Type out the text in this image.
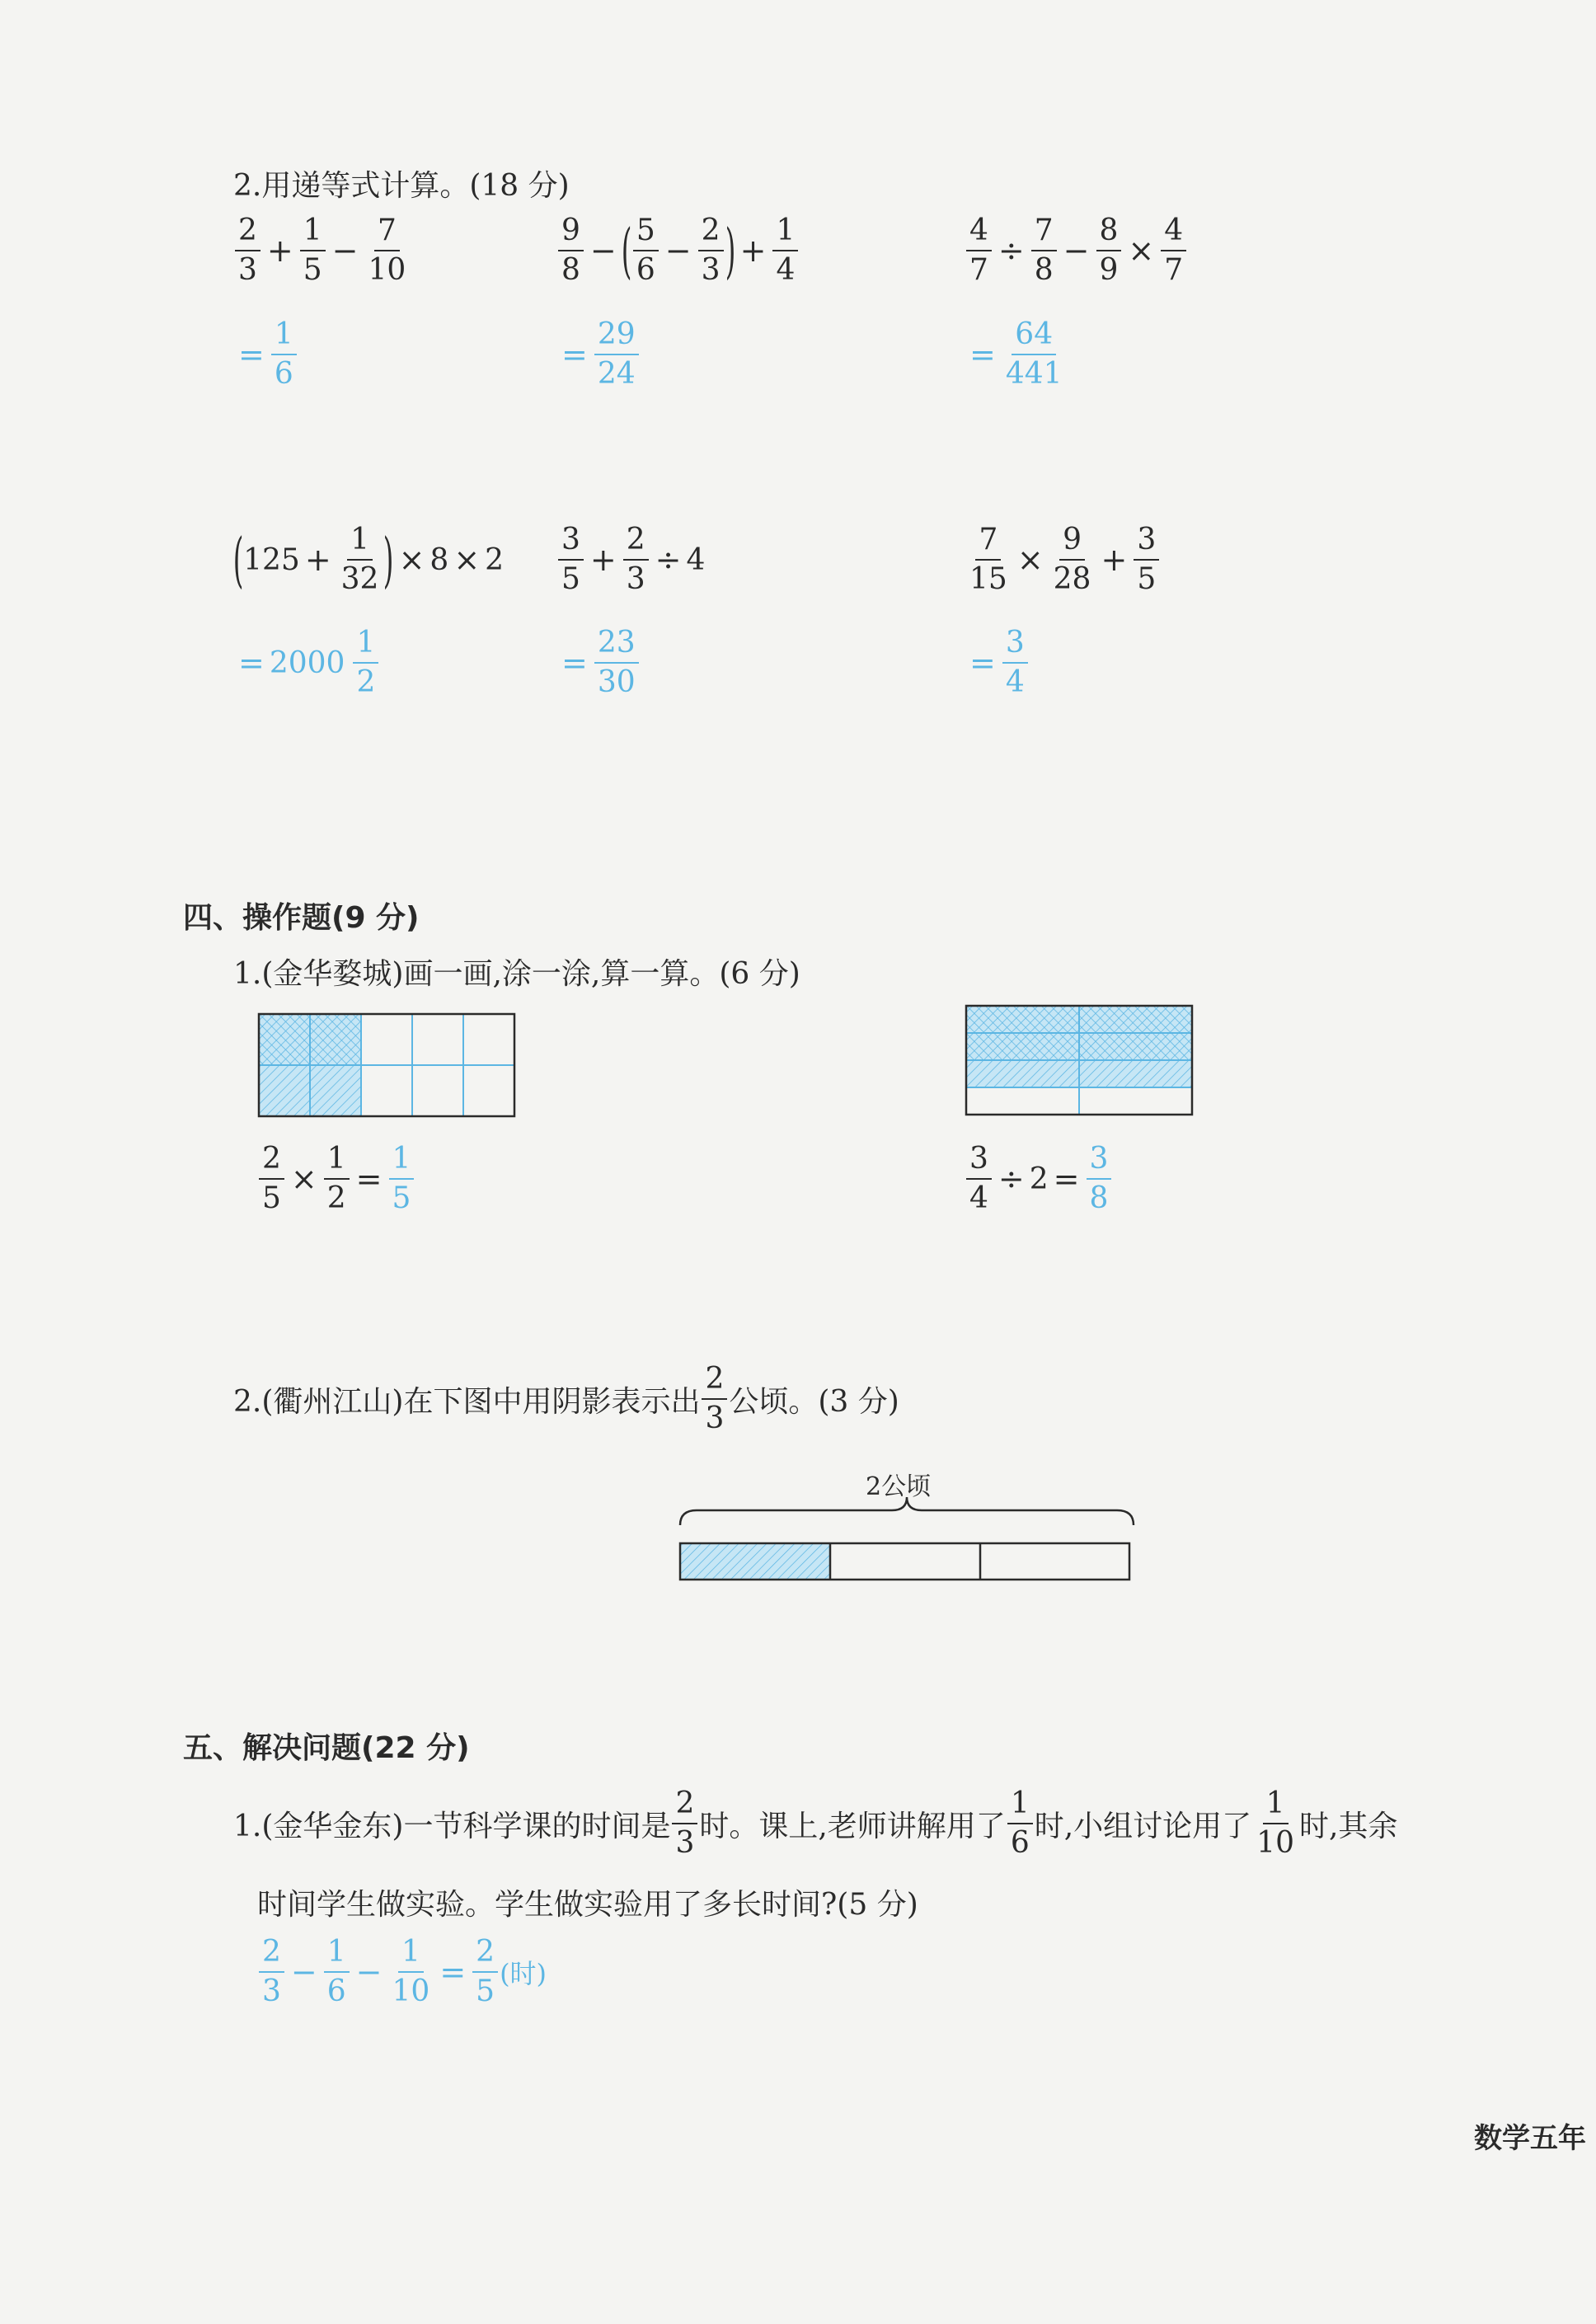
2.用递等式计算。(18 分)
$\frac{2}{3} + \frac{1}{5} - \frac{7}{10}$
= $\frac{1}{6}$
$\frac{9}{8}$ − ( $\frac{5}{6} - \frac{2}{3}$ ) + $\frac{1}{4}$
= $\frac{29}{24}$
$\frac{4}{7} \div \frac{7}{8} - \frac{8}{9} \times \frac{4}{7}$
= $\frac{64}{441}$
( $125 + \frac{1}{32}$ ) × 8 × 2
= $2000 \frac{1}{2}$
$\frac{3}{5} + \frac{2}{3} \div 4$
= $\frac{23}{30}$
$\frac{7}{15} \times \frac{9}{28} + \frac{3}{5}$
= $\frac{3}{4}$
四、操作题(9 分)
1.(金华婺城)画一画,涂一涂,算一算。(6 分)
$\frac{2}{5} \times \frac{1}{2} = \frac{1}{5}$	$\frac{3}{4} \div 2 = \frac{3}{8}$
2.(衢州江山)在下图中用阴影表示出 $\frac{2}{3}$ 公顷。(3 分)
2公顷
五、解决问题(22 分)
1.(金华金东)一节科学课的时间是 $\frac{2}{3}$ 时。课上,老师讲解用了 $\frac{1}{6}$ 时,小组讨论用了 $\frac{1}{10}$ 时,其余
时间学生做实验。学生做实验用了多长时间?(5 分)
$\frac{2}{3} - \frac{1}{6} - \frac{1}{10} = \frac{2}{5}$ (时)
数学五年
